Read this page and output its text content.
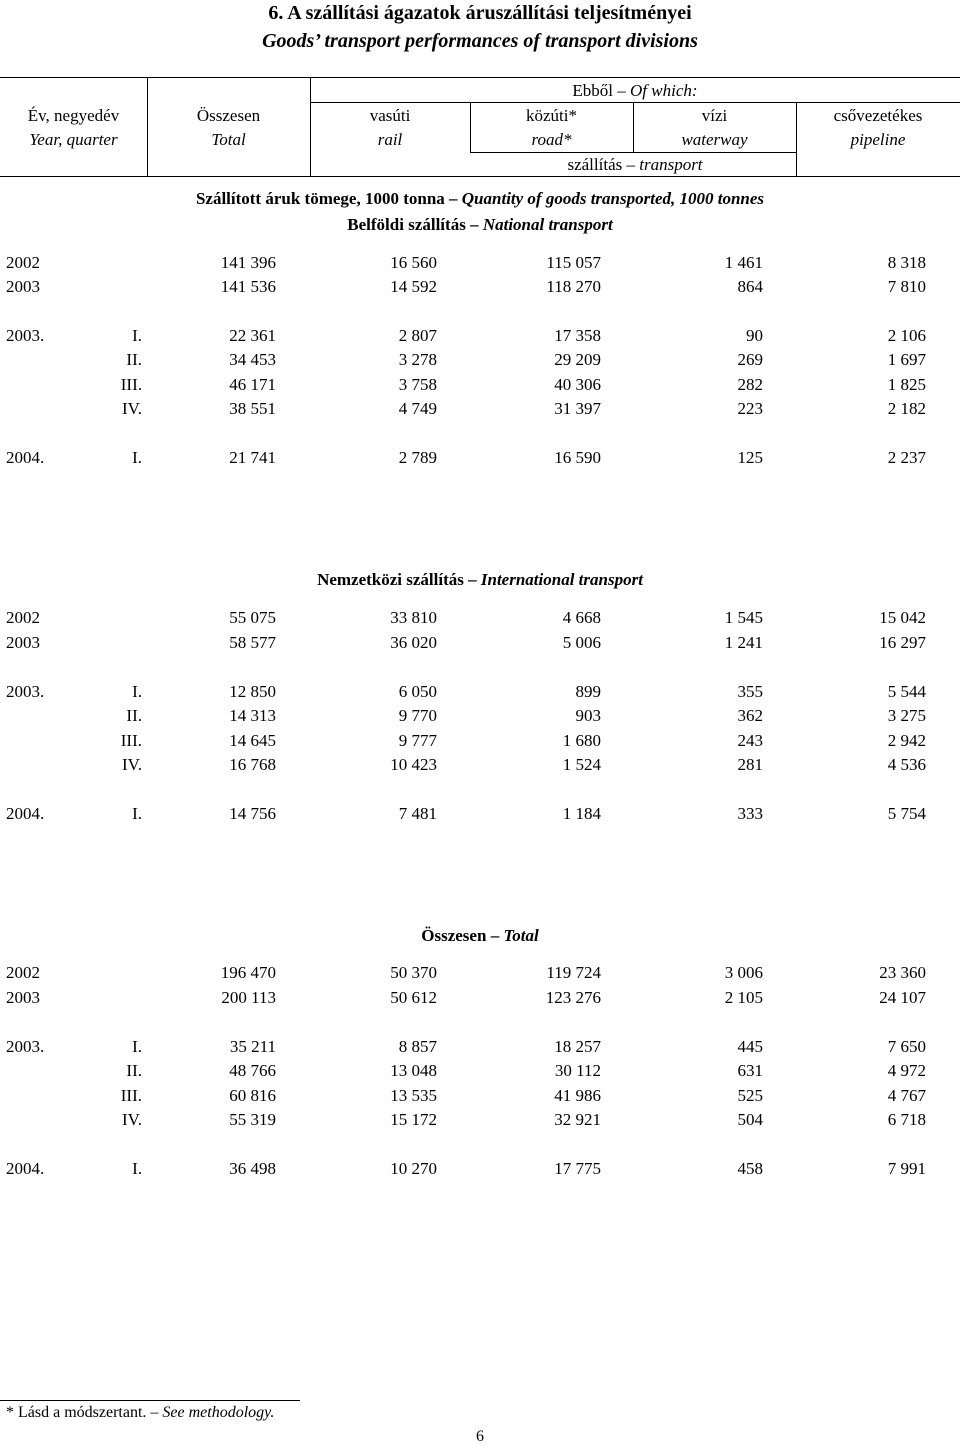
6. A szállítási ágazatok áruszállítási teljesítményei
Goods’ transport performances of transport divisions
Ebből – Of which:
Év, negyedév
Year, quarter
Összesen
Total
vasúti
rail
közúti*
road*
vízi
waterway
csővezetékes
pipeline
szállítás – transport
Szállított áruk tömege, 1000 tonna – Quantity of goods transported, 1000 tonnes
Belföldi szállítás – National transport
Nemzetközi szállítás – International transport
Összesen – Total
2002	141 396	16 560	115 057	1 461	8 318
2003	141 536	14 592	118 270	864	7 810
2003.	I.	22 361	2 807	17 358	90	2 106
II.	34 453	3 278	29 209	269	1 697
III.	46 171	3 758	40 306	282	1 825
IV.	38 551	4 749	31 397	223	2 182
2004.	I.	21 741	2 789	16 590	125	2 237
2002	55 075	33 810	4 668	1 545	15 042
2003	58 577	36 020	5 006	1 241	16 297
2003.	I.	12 850	6 050	899	355	5 544
II.	14 313	9 770	903	362	3 275
III.	14 645	9 777	1 680	243	2 942
IV.	16 768	10 423	1 524	281	4 536
2004.	I.	14 756	7 481	1 184	333	5 754
2002	196 470	50 370	119 724	3 006	23 360
2003	200 113	50 612	123 276	2 105	24 107
2003.	I.	35 211	8 857	18 257	445	7 650
II.	48 766	13 048	30 112	631	4 972
III.	60 816	13 535	41 986	525	4 767
IV.	55 319	15 172	32 921	504	6 718
2004.	I.	36 498	10 270	17 775	458	7 991
* Lásd a módszertant. – See methodology.
6
